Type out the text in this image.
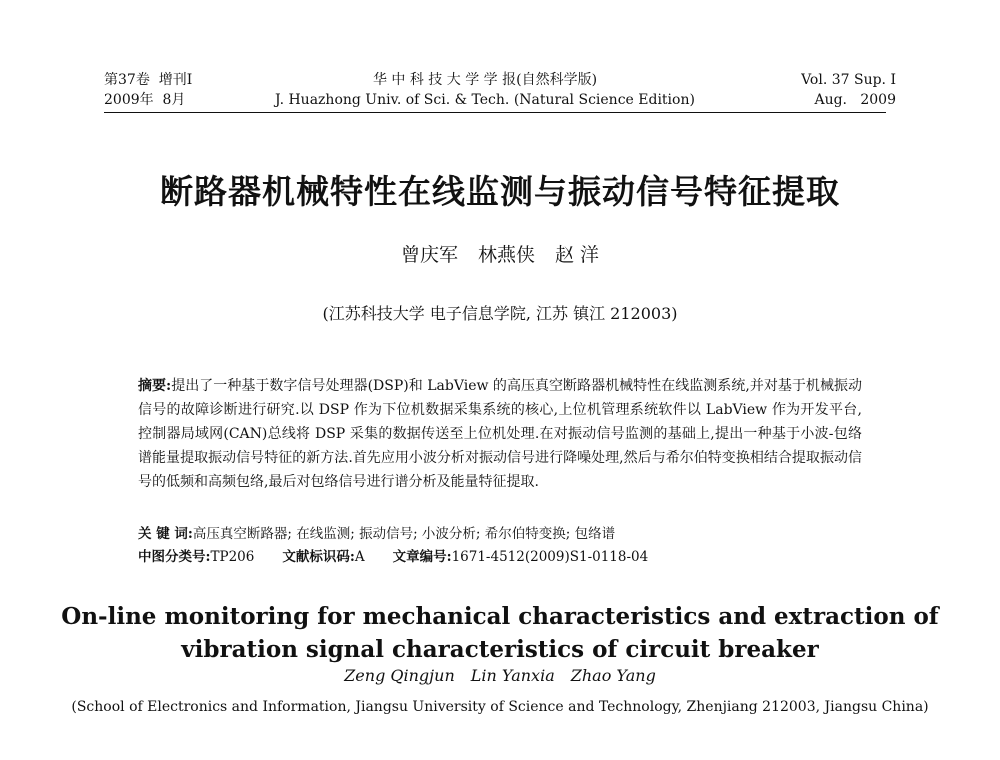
第37卷  增刊Ⅰ
2009年  8月
华 中 科 技 大 学 学 报(自然科学版)
J. Huazhong Univ. of Sci. & Tech. (Natural Science Edition)
Vol. 37 Sup. Ⅰ
Aug.   2009
断路器机械特性在线监测与振动信号特征提取
曾庆军 林燕侠 赵 洋
(江苏科技大学 电子信息学院, 江苏 镇江 212003)
摘要:提出了一种基于数字信号处理器(DSP)和 LabView 的高压真空断路器机械特性在线监测系统,并对基于机械振动信号的故障诊断进行研究.以 DSP 作为下位机数据采集系统的核心,上位机管理系统软件以 LabView 作为开发平台,控制器局域网(CAN)总线将 DSP 采集的数据传送至上位机处理.在对振动信号监测的基础上,提出一种基于小波-包络谱能量提取振动信号特征的新方法.首先应用小波分析对振动信号进行降噪处理,然后与希尔伯特变换相结合提取振动信号的低频和高频包络,最后对包络信号进行谱分析及能量特征提取.
关 键 词:高压真空断路器; 在线监测; 振动信号; 小波分析; 希尔伯特变换; 包络谱
中图分类号:TP206 文献标识码:A 文章编号:1671-4512(2009)S1-0118-04
On-line monitoring for mechanical characteristics and extraction of vibration signal characteristics of circuit breaker
Zeng Qingjun Lin Yanxia Zhao Yang
(School of Electronics and Information, Jiangsu University of Science and Technology, Zhenjiang 212003, Jiangsu China)
